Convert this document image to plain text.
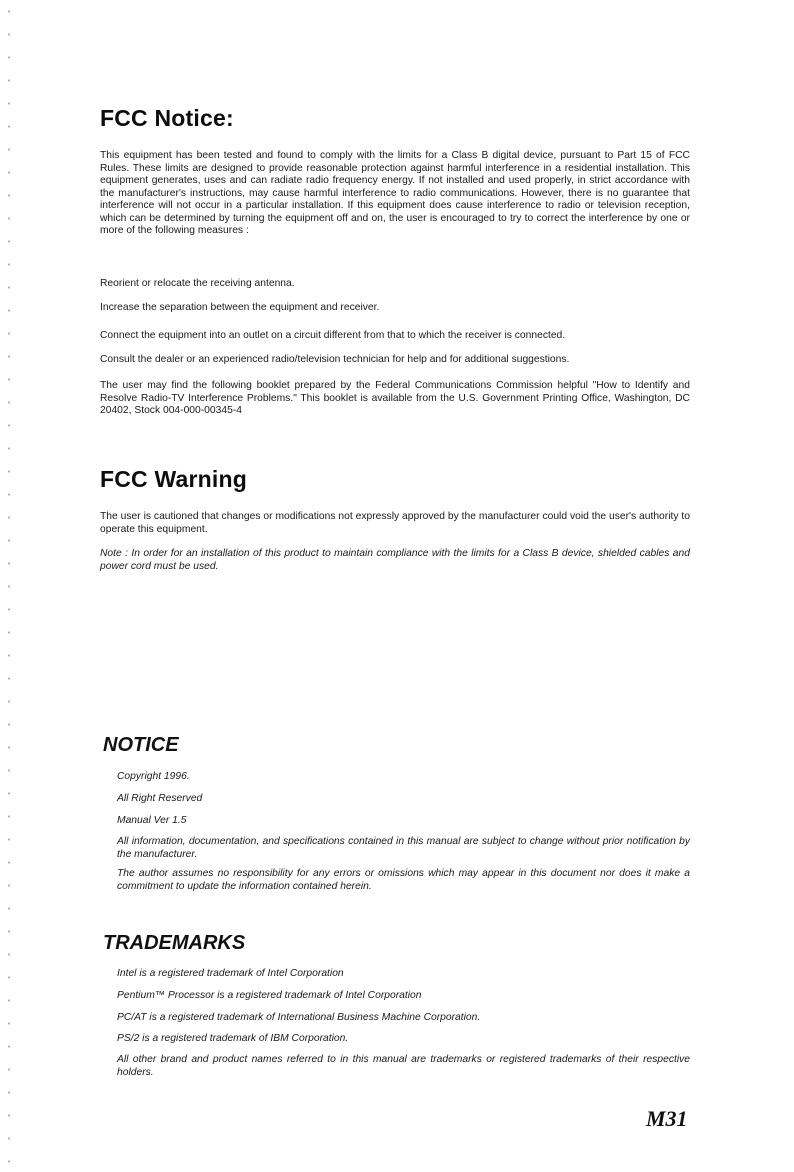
FCC Notice:

This equipment has been tested and found to comply with the limits for a Class B digital device, pursuant to Part 15 of FCC Rules. These limits are designed to provide reasonable protection against harmful interference in a residential installation. This equipment generates, uses and can radiate radio frequency energy. If not installed and used properly, in strict accordance with the manufacturer's instructions, may cause harmful interference to radio communications. However, there is no guarantee that interference will not occur in a particular installation. If this equipment does cause interference to radio or television reception, which can be determined by turning the equipment off and on, the user is encouraged to try to correct the interference by one or more of the following measures :

Reorient or relocate the receiving antenna.

Increase the separation between the equipment and receiver.

Connect the equipment into an outlet on a circuit different from that to which the receiver is connected.

Consult the dealer or an experienced radio/television technician for help and for additional suggestions.

The user may find the following booklet prepared by the Federal Communications Commission helpful "How to Identify and Resolve Radio-TV Interference Problems." This booklet is available from the U.S. Government Printing Office, Washington, DC 20402, Stock 004-000-00345-4

FCC Warning

The user is cautioned that changes or modifications not expressly approved by the manufacturer could void the user's authority to operate this equipment.

Note : In order for an installation of this product to maintain compliance with the limits for a Class B device, shielded cables and power cord must be used.

NOTICE

Copyright 1996.

All Right Reserved

Manual Ver 1.5

All information, documentation, and specifications contained in this manual are subject to change without prior notification by the manufacturer.

The author assumes no responsibility for any errors or omissions which may appear in this document nor does it make a commitment to update the information contained herein.

TRADEMARKS

Intel is a registered trademark of Intel Corporation

Pentium™ Processor is a registered trademark of Intel Corporation

PC/AT is a registered trademark of International Business Machine Corporation.

PS/2 is a registered trademark of IBM Corporation.

All other brand and product names referred to in this manual are trademarks or registered trademarks of their respective holders.

M31
